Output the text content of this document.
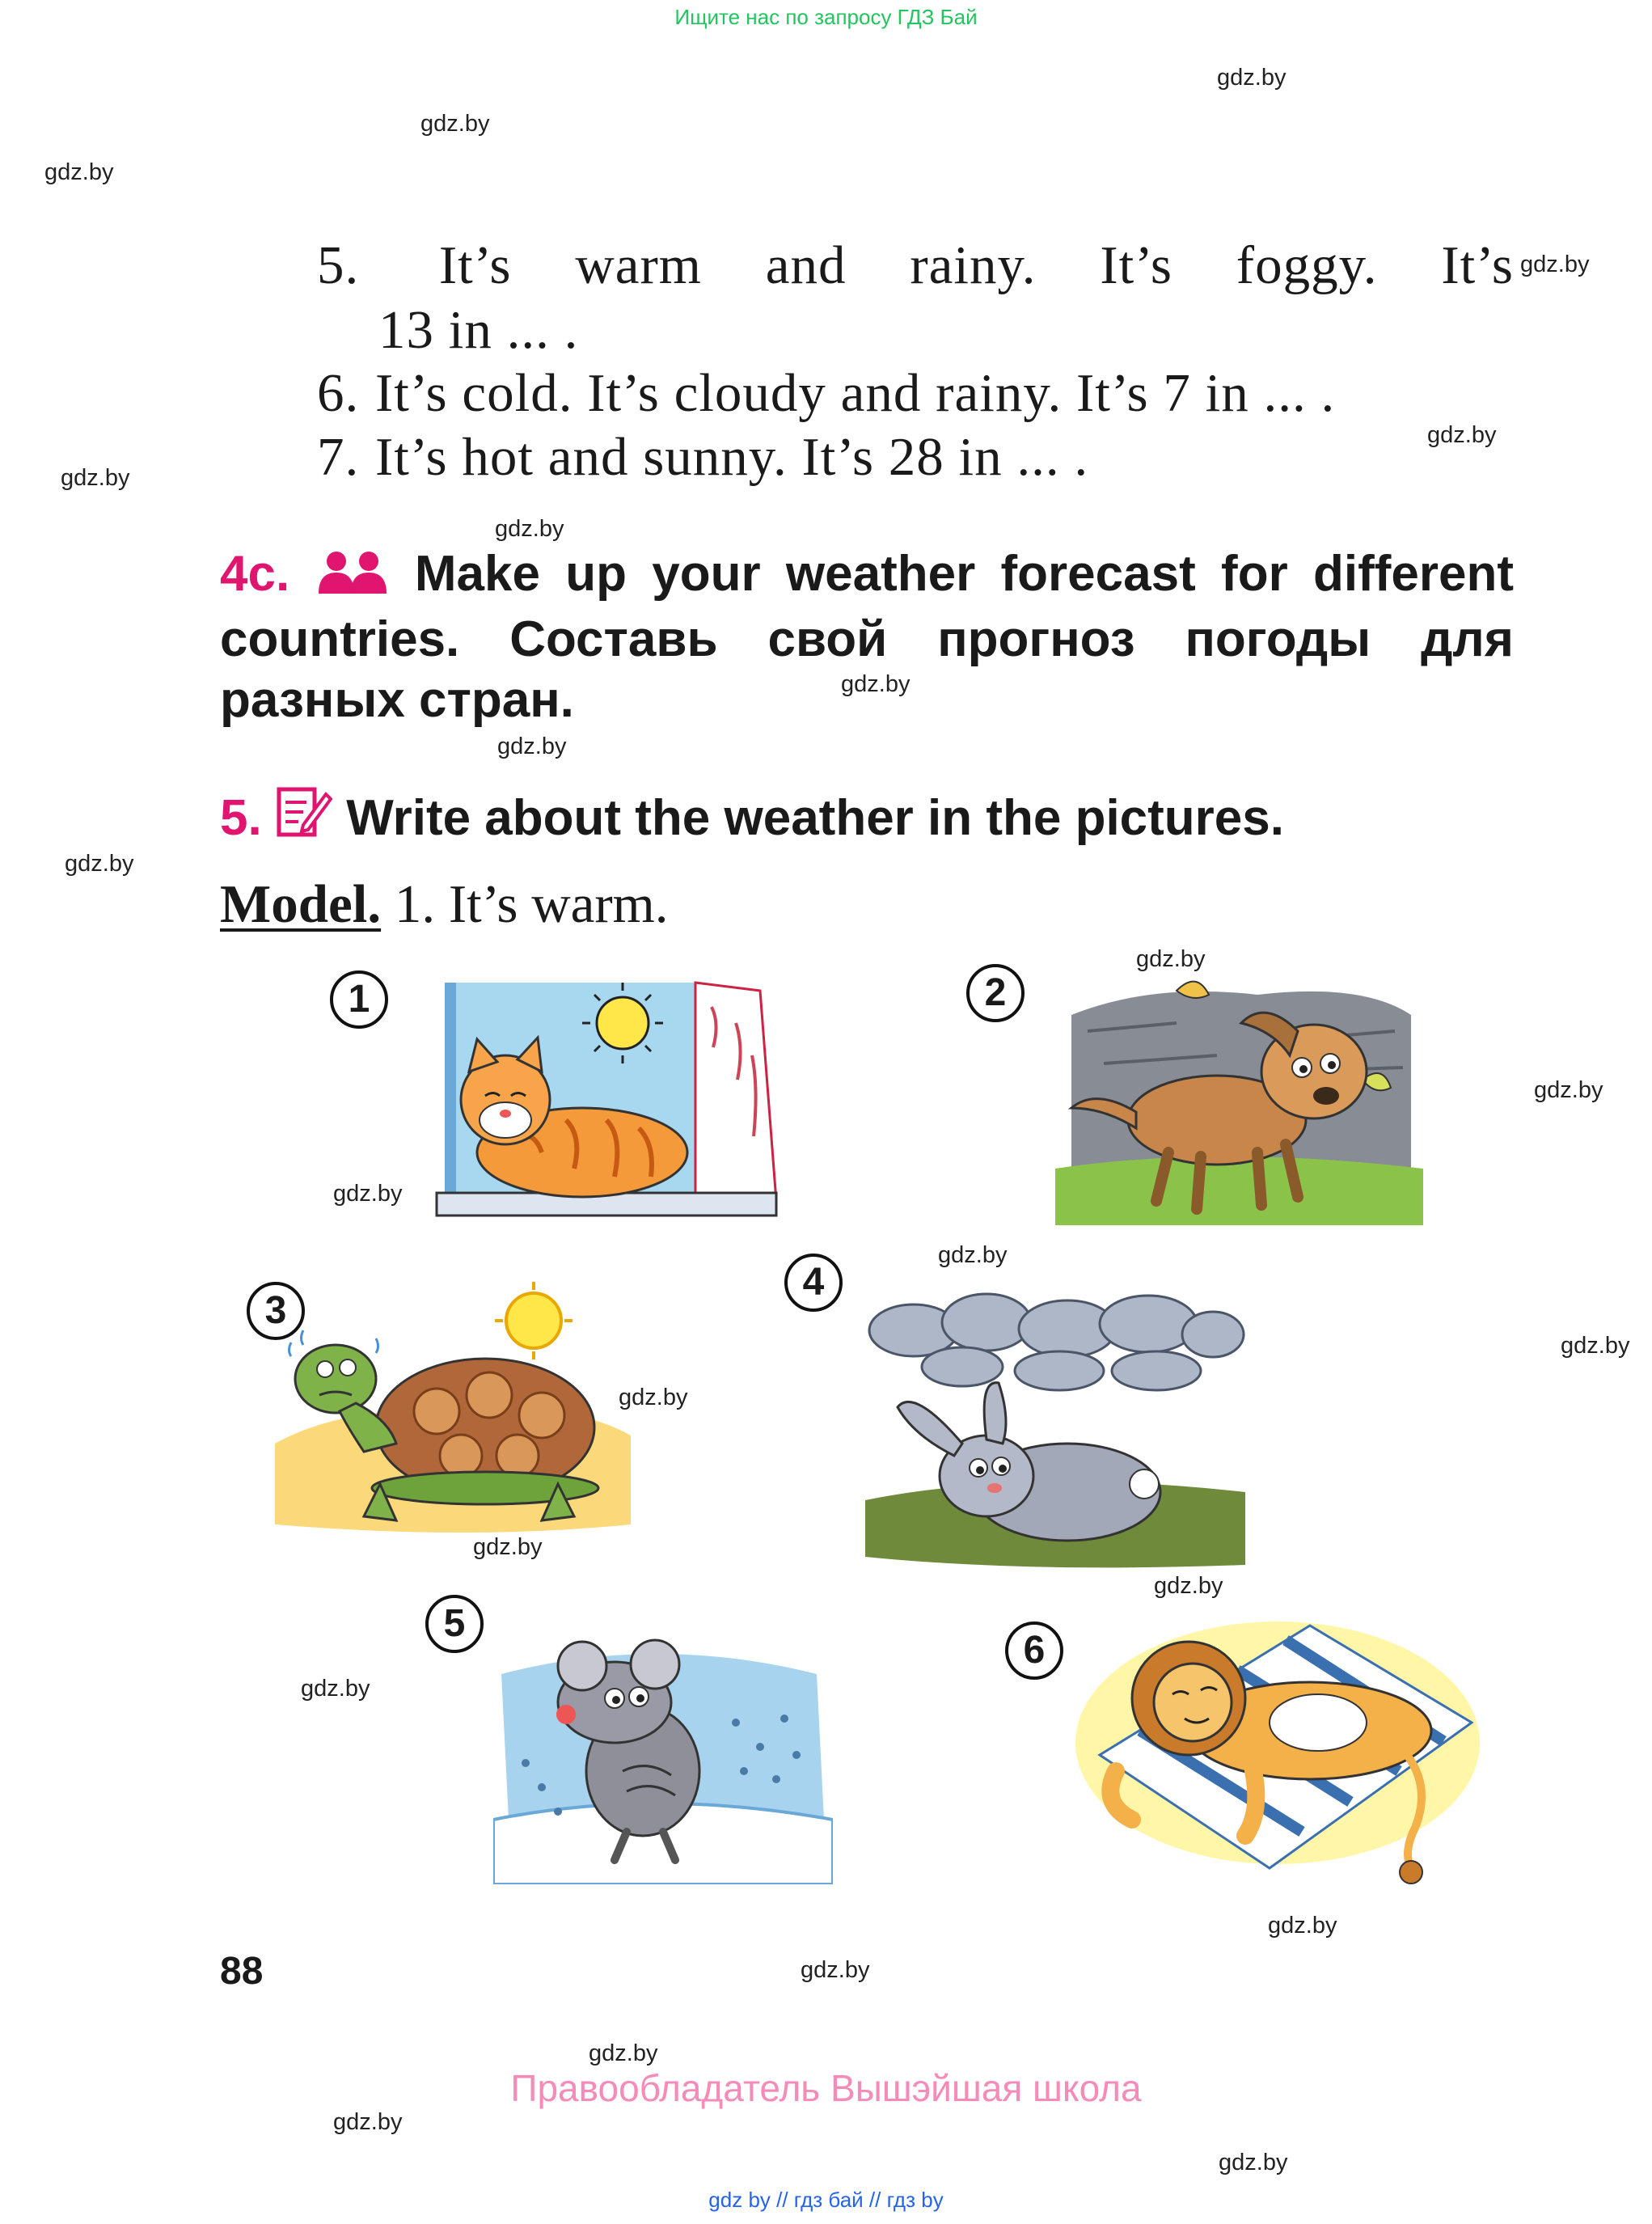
Ищите нас по запросу ГДЗ Бай
gdz.by
gdz.by
gdz.by
gdz.by
gdz.by
gdz.by
gdz.by
gdz.by
gdz.by
gdz.by
gdz.by
gdz.by
gdz.by
gdz.by
gdz.by
gdz.by
gdz.by
gdz.by
gdz.by
gdz.by
gdz.by
gdz.by
gdz.by
gdz.by
5. It’s warm and rainy. It’s foggy. It’s
13 in ... .
6. It’s cold. It’s cloudy and rainy. It’s 7 in ... .
7. It’s hot and sunny. It’s 28 in ... .
4c. Make up your weather forecast for different countries. Составь свой прогноз погоды для разных стран.
5. Write about the weather in the pictures.
Model. 1. It’s warm.
1	2
3
4
5
6
88
Правообладатель Вышэйшая школа
gdz by // гдз бай // гдз by
